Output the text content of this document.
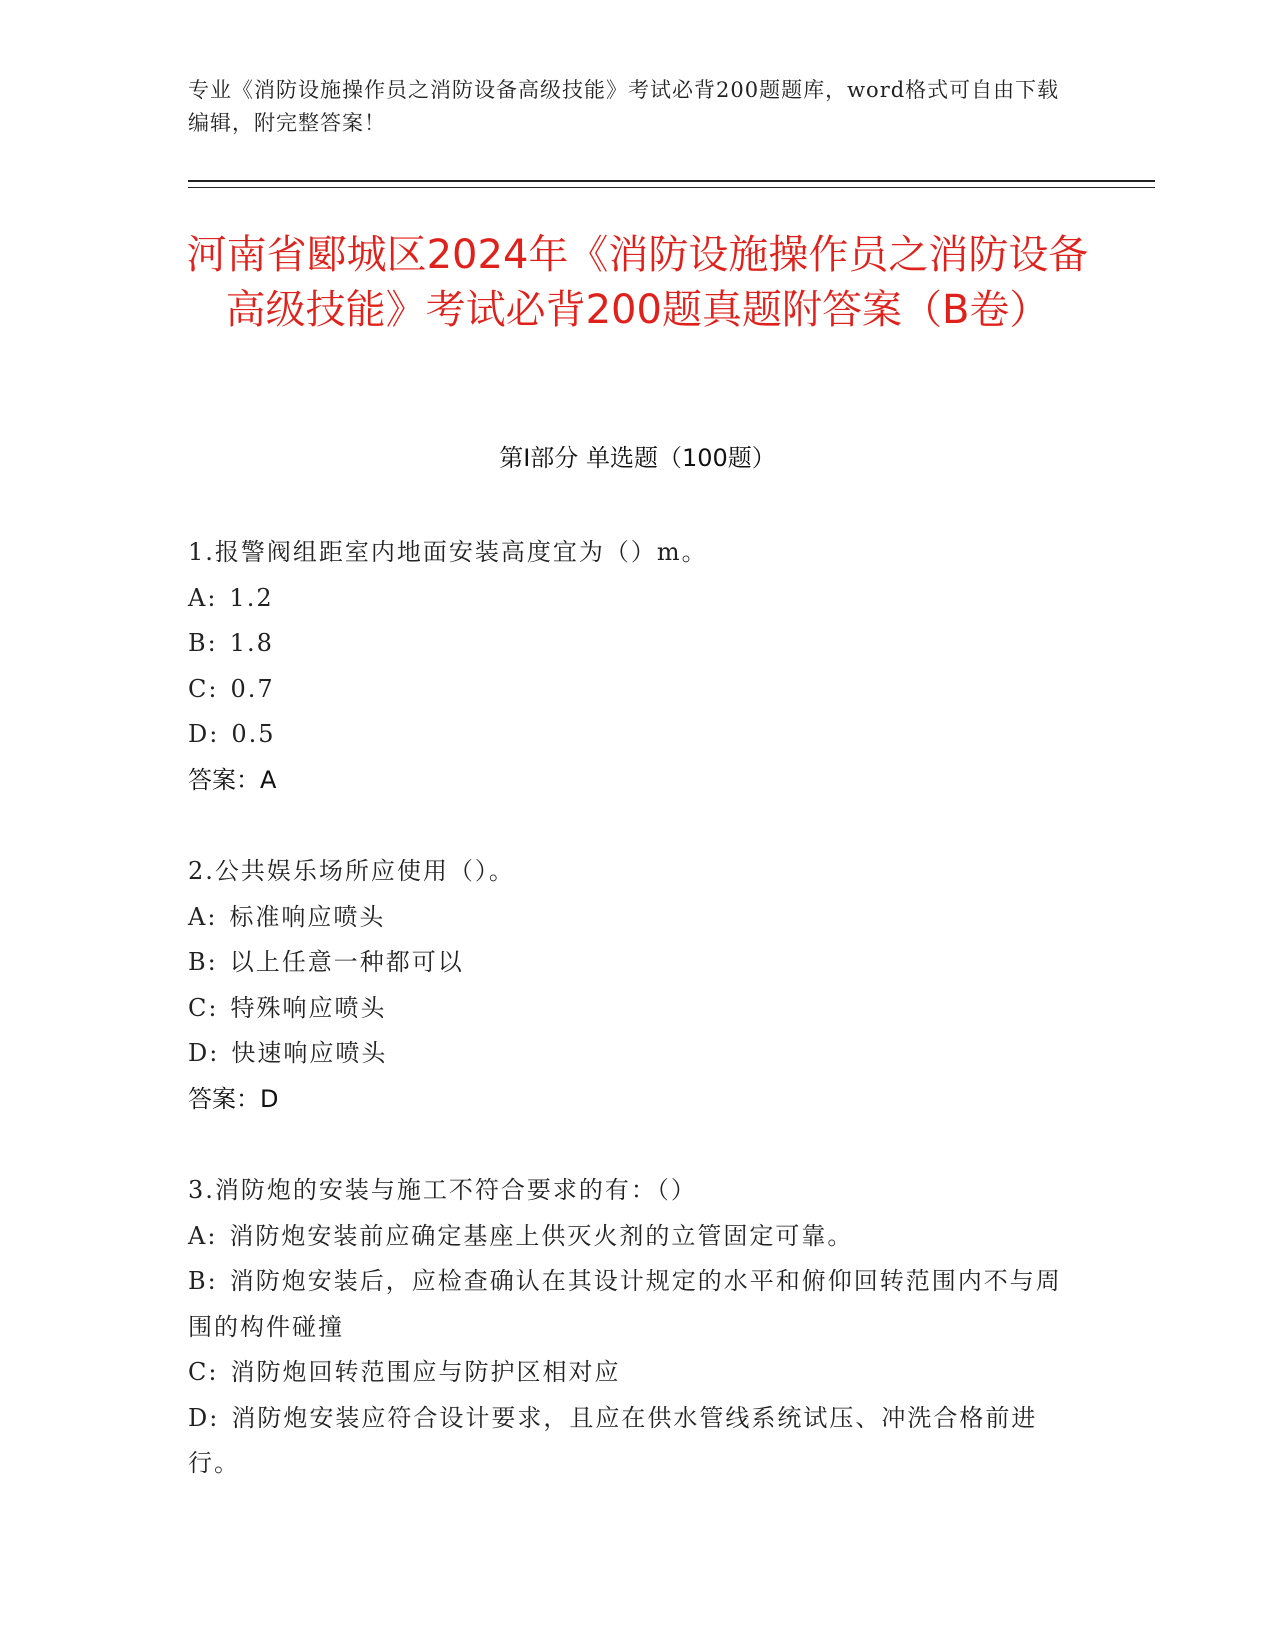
专业《消防设施操作员之消防设备高级技能》考试必背200题题库，word格式可自由下载编辑，附完整答案！
河南省郾城区2024年《消防设施操作员之消防设备高级技能》考试必背200题真题附答案（B卷）
第Ⅰ部分 单选题（100题）
1.报警阀组距室内地面安装高度宜为（）m。
A: 1.2
B: 1.8
C: 0.7
D: 0.5
答案：A
2.公共娱乐场所应使用（）。
A: 标准响应喷头
B: 以上任意一种都可以
C: 特殊响应喷头
D: 快速响应喷头
答案：D
3.消防炮的安装与施工不符合要求的有：（）
A: 消防炮安装前应确定基座上供灭火剂的立管固定可靠。
B: 消防炮安装后，应检查确认在其设计规定的水平和俯仰回转范围内不与周围的构件碰撞
C: 消防炮回转范围应与防护区相对应
D: 消防炮安装应符合设计要求，且应在供水管线系统试压、冲洗合格前进行。
